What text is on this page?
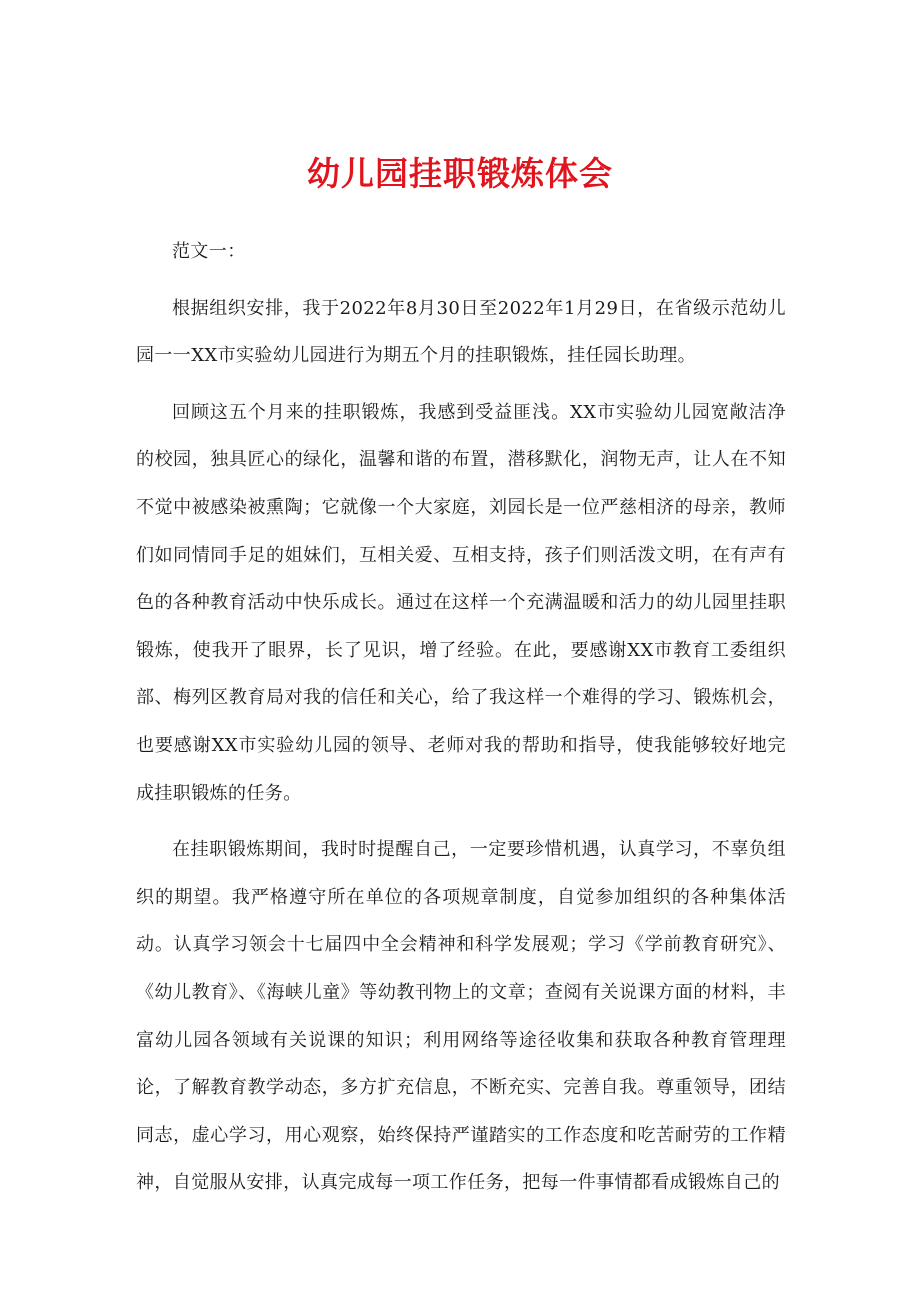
幼儿园挂职锻炼体会

范文一：

根据组织安排，我于2022年8月30日至2022年1月29日，在省级示范幼儿园一一XX市实验幼儿园进行为期五个月的挂职锻炼，挂任园长助理。

回顾这五个月来的挂职锻炼，我感到受益匪浅。XX市实验幼儿园宽敞洁净的校园，独具匠心的绿化，温馨和谐的布置，潜移默化，润物无声，让人在不知不觉中被感染被熏陶；它就像一个大家庭，刘园长是一位严慈相济的母亲，教师们如同情同手足的姐妹们，互相关爱、互相支持，孩子们则活泼文明，在有声有色的各种教育活动中快乐成长。通过在这样一个充满温暖和活力的幼儿园里挂职锻炼，使我开了眼界，长了见识，增了经验。在此，要感谢XX市教育工委组织部、梅列区教育局对我的信任和关心，给了我这样一个难得的学习、锻炼机会，也要感谢XX市实验幼儿园的领导、老师对我的帮助和指导，使我能够较好地完成挂职锻炼的任务。

在挂职锻炼期间，我时时提醒自己，一定要珍惜机遇，认真学习，不辜负组织的期望。我严格遵守所在单位的各项规章制度，自觉参加组织的各种集体活动。认真学习领会十七届四中全会精神和科学发展观；学习《学前教育研究》、《幼儿教育》、《海峡儿童》等幼教刊物上的文章；查阅有关说课方面的材料，丰富幼儿园各领域有关说课的知识；利用网络等途径收集和获取各种教育管理理论，了解教育教学动态，多方扩充信息，不断充实、完善自我。尊重领导，团结同志，虚心学习，用心观察，始终保持严谨踏实的工作态度和吃苦耐劳的工作精神，自觉服从安排，认真完成每一项工作任务，把每一件事情都看成锻炼自己的
